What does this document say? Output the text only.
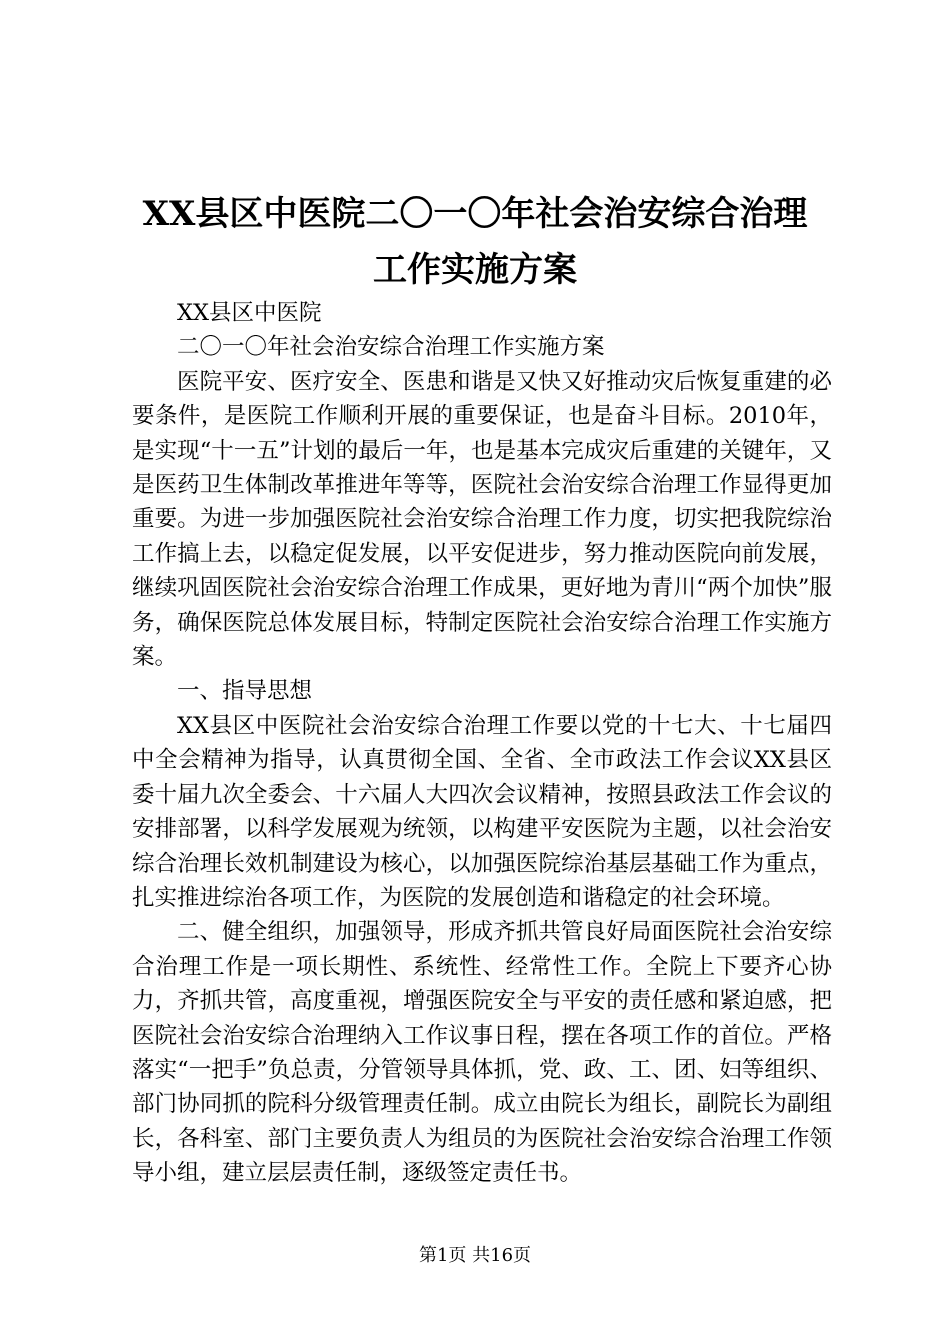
XX县区中医院二〇一〇年社会治安综合治理
工作实施方案

XX县区中医院

二〇一〇年社会治安综合治理工作实施方案

医院平安、医疗安全、医患和谐是又快又好推动灾后恢复重建的必要条件，是医院工作顺利开展的重要保证，也是奋斗目标。2010年，是实现“十一五”计划的最后一年，也是基本完成灾后重建的关键年，又是医药卫生体制改革推进年等等，医院社会治安综合治理工作显得更加重要。为进一步加强医院社会治安综合治理工作力度，切实把我院综治工作搞上去，以稳定促发展，以平安促进步，努力推动医院向前发展，继续巩固医院社会治安综合治理工作成果，更好地为青川“两个加快”服务，确保医院总体发展目标，特制定医院社会治安综合治理工作实施方案。

一、指导思想

XX县区中医院社会治安综合治理工作要以党的十七大、十七届四中全会精神为指导，认真贯彻全国、全省、全市政法工作会议XX县区委十届九次全委会、十六届人大四次会议精神，按照县政法工作会议的安排部署，以科学发展观为统领，以构建平安医院为主题，以社会治安综合治理长效机制建设为核心，以加强医院综治基层基础工作为重点，扎实推进综治各项工作，为医院的发展创造和谐稳定的社会环境。

二、健全组织，加强领导，形成齐抓共管良好局面医院社会治安综合治理工作是一项长期性、系统性、经常性工作。全院上下要齐心协力，齐抓共管，高度重视，增强医院安全与平安的责任感和紧迫感，把医院社会治安综合治理纳入工作议事日程，摆在各项工作的首位。严格落实“一把手”负总责，分管领导具体抓，党、政、工、团、妇等组织、部门协同抓的院科分级管理责任制。成立由院长为组长，副院长为副组长，各科室、部门主要负责人为组员的为医院社会治安综合治理工作领导小组，建立层层责任制，逐级签定责任书。

第1页 共16页
